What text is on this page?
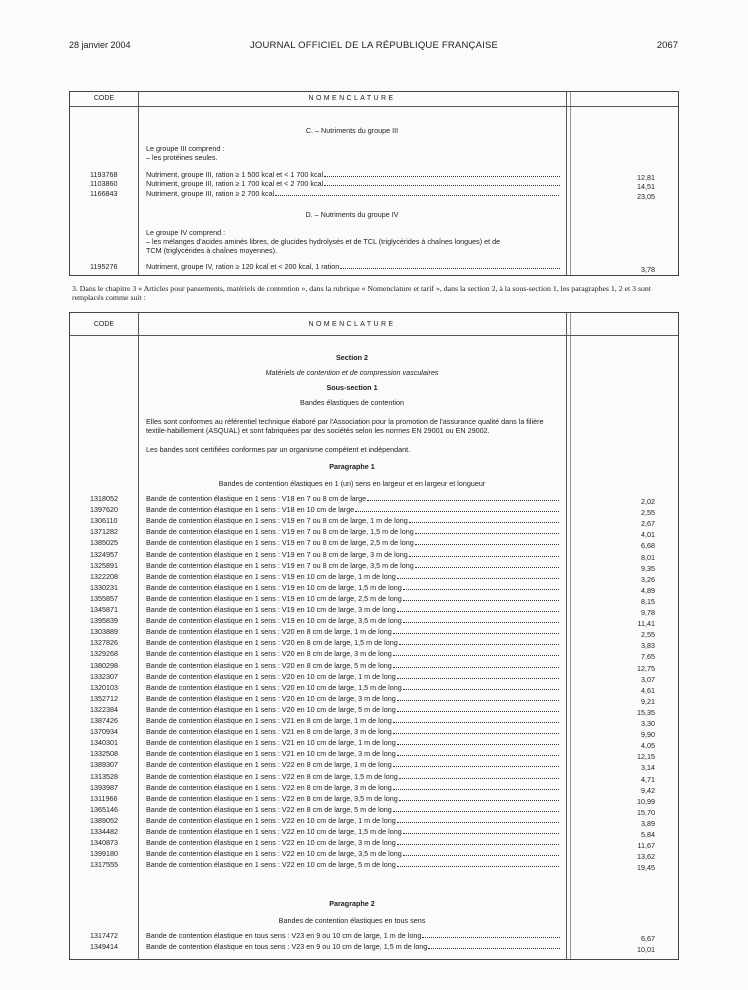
28 janvier 2004	JOURNAL OFFICIEL DE LA RÉPUBLIQUE FRANÇAISE	2067
CODE	NOMENCLATURE
C. – Nutriments du groupe III
Le groupe III comprend :
– les protéines seules.
1193768	Nutriment, groupe III, ration ≥ 1 500 kcal et < 1 700 kcal	12,81
1103860	Nutriment, groupe III, ration ≥ 1 700 kcal et < 2 700 kcal	14,51
1166843	Nutriment, groupe III, ration ≥ 2 700 kcal	23,05
D. – Nutriments du groupe IV
Le groupe IV comprend :
– les mélanges d'acides aminés libres, de glucides hydrolysés et de TCL (triglycérides à chaînes longues) et de
TCM (triglycérides à chaînes moyennes).
1195276	Nutriment, groupe IV, ration ≥ 120 kcal et < 200 kcal, 1 ration	3,78
3. Dans le chapitre 3 « Articles pour pansements, matériels de contention », dans la rubrique « Nomenclature et tarif », dans la section 2, à la sous-section 1, les paragraphes 1, 2 et 3 sont remplacés comme suit :
CODE	NOMENCLATURE
Section 2
Matériels de contention et de compression vasculaires
Sous-section 1
Bandes élastiques de contention
Elles sont conformes au référentiel technique élaboré par l'Association pour la promotion de l'assurance qualité dans la filière textile-habillement (ASQUAL) et sont fabriquées par des sociétés selon les normes EN 29001 ou EN 29002.
Les bandes sont certifiées conformes par un organisme compétent et indépendant.
Paragraphe 1
Bandes de contention élastiques en 1 (un) sens en largeur et en largeur et longueur
1318052	Bande de contention élastique en 1 sens : V18 en 7 ou 8 cm de large	2,02
1397620	Bande de contention élastique en 1 sens : V18 en 10 cm de large	2,55
1306110	Bande de contention élastique en 1 sens : V19 en 7 ou 8 cm de large, 1 m de long	2,67
1371282	Bande de contention élastique en 1 sens : V19 en 7 ou 8 cm de large, 1,5 m de long	4,01
1385025	Bande de contention élastique en 1 sens : V19 en 7 ou 8 cm de large, 2,5 m de long	6,68
1324957	Bande de contention élastique en 1 sens : V19 en 7 ou 8 cm de large, 3 m de long	8,01
1325891	Bande de contention élastique en 1 sens : V19 en 7 ou 8 cm de large, 3,5 m de long	9,35
1322208	Bande de contention élastique en 1 sens : V19 en 10 cm de large, 1 m de long	3,26
1330231	Bande de contention élastique en 1 sens : V19 en 10 cm de large, 1,5 m de long	4,89
1355857	Bande de contention élastique en 1 sens : V19 en 10 cm de large, 2,5 m de long	8,15
1345871	Bande de contention élastique en 1 sens : V19 en 10 cm de large, 3 m de long	9,78
1395839	Bande de contention élastique en 1 sens : V19 en 10 cm de large, 3,5 m de long	11,41
1303889	Bande de contention élastique en 1 sens : V20 en 8 cm de large, 1 m de long	2,55
1327826	Bande de contention élastique en 1 sens : V20 en 8 cm de large, 1,5 m de long	3,83
1329268	Bande de contention élastique en 1 sens : V20 en 8 cm de large, 3 m de long	7,65
1380298	Bande de contention élastique en 1 sens : V20 en 8 cm de large, 5 m de long	12,75
1332307	Bande de contention élastique en 1 sens : V20 en 10 cm de large, 1 m de long	3,07
1320103	Bande de contention élastique en 1 sens : V20 en 10 cm de large, 1,5 m de long	4,61
1352712	Bande de contention élastique en 1 sens : V20 en 10 cm de large, 3 m de long	9,21
1322384	Bande de contention élastique en 1 sens : V20 en 10 cm de large, 5 m de long	15,35
1387426	Bande de contention élastique en 1 sens : V21 en 8 cm de large, 1 m de long	3,30
1370934	Bande de contention élastique en 1 sens : V21 en 8 cm de large, 3 m de long	9,90
1340301	Bande de contention élastique en 1 sens : V21 en 10 cm de large, 1 m de long	4,05
1332508	Bande de contention élastique en 1 sens : V21 en 10 cm de large, 3 m de long	12,15
1389307	Bande de contention élastique en 1 sens : V22 en 8 cm de large, 1 m de long	3,14
1313528	Bande de contention élastique en 1 sens : V22 en 8 cm de large, 1,5 m de long	4,71
1393987	Bande de contention élastique en 1 sens : V22 en 8 cm de large, 3 m de long	9,42
1311966	Bande de contention élastique en 1 sens : V22 en 8 cm de large, 3,5 m de long	10,99
1365146	Bande de contention élastique en 1 sens : V22 en 8 cm de large, 5 m de long	15,70
1389052	Bande de contention élastique en 1 sens : V22 en 10 cm de large, 1 m de long	3,89
1334482	Bande de contention élastique en 1 sens : V22 en 10 cm de large, 1,5 m de long	5,84
1340873	Bande de contention élastique en 1 sens : V22 en 10 cm de large, 3 m de long	11,67
1399180	Bande de contention élastique en 1 sens : V22 en 10 cm de large, 3,5 m de long	13,62
1317555	Bande de contention élastique en 1 sens : V22 en 10 cm de large, 5 m de long	19,45
Paragraphe 2
Bandes de contention élastiques en tous sens
1317472	Bande de contention élastique en tous sens : V23 en 9 ou 10 cm de large, 1 m de long	6,67
1349414	Bande de contention élastique en tous sens : V23 en 9 ou 10 cm de large, 1,5 m de long	10,01
